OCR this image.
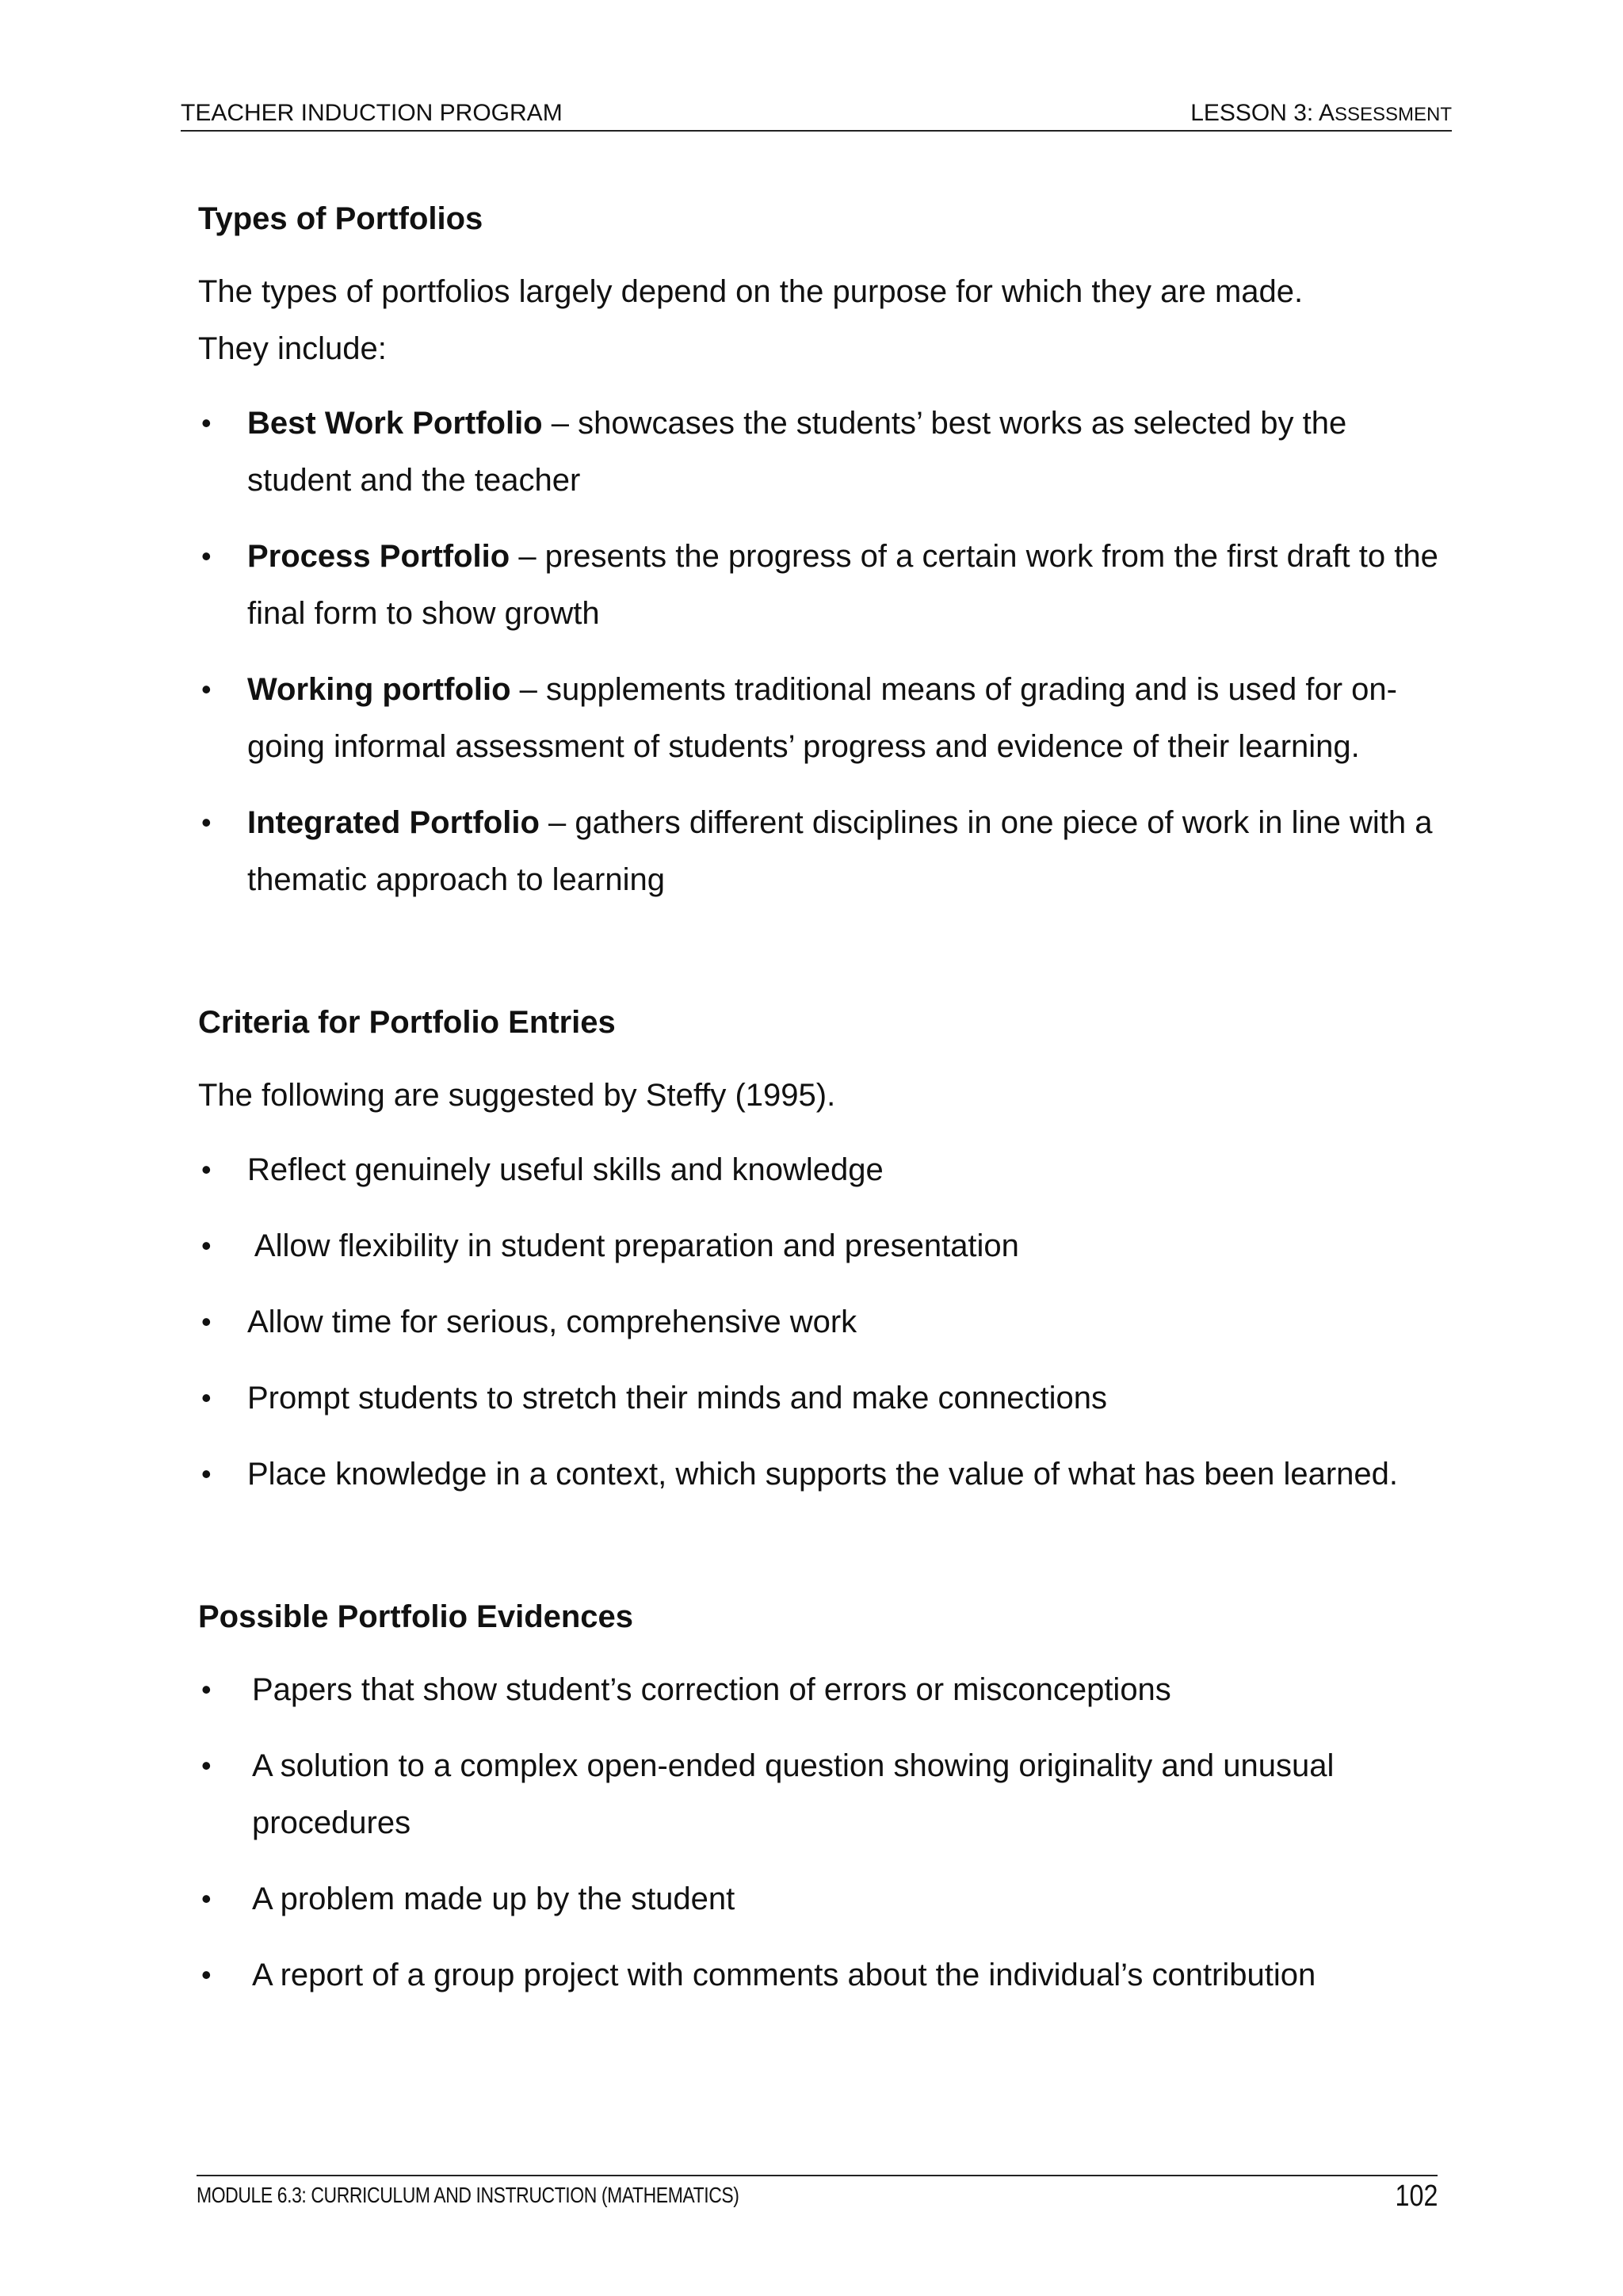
TEACHER INDUCTION PROGRAM	LESSON 3: ASSESSMENT
Types of Portfolios

The types of portfolios largely depend on the purpose for which they are made.
They include:

• Best Work Portfolio – showcases the students’ best works as selected by the student and the teacher
• Process Portfolio – presents the progress of a certain work from the first draft to the final form to show growth
• Working portfolio – supplements traditional means of grading and is used for on-going informal assessment of students’ progress and evidence of their learning.
• Integrated Portfolio – gathers different disciplines in one piece of work in line with a thematic approach to learning
Criteria for Portfolio Entries

The following are suggested by Steffy (1995).

• Reflect genuinely useful skills and knowledge
• Allow flexibility in student preparation and presentation
• Allow time for serious, comprehensive work
• Prompt students to stretch their minds and make connections
• Place knowledge in a context, which supports the value of what has been learned.
Possible Portfolio Evidences
• Papers that show student’s correction of errors or misconceptions
• A solution to a complex open-ended question showing originality and unusual procedures
• A problem made up by the student
• A report of a group project with comments about the individual’s contribution
MODULE 6.3: CURRICULUM AND INSTRUCTION (MATHEMATICS)	102
